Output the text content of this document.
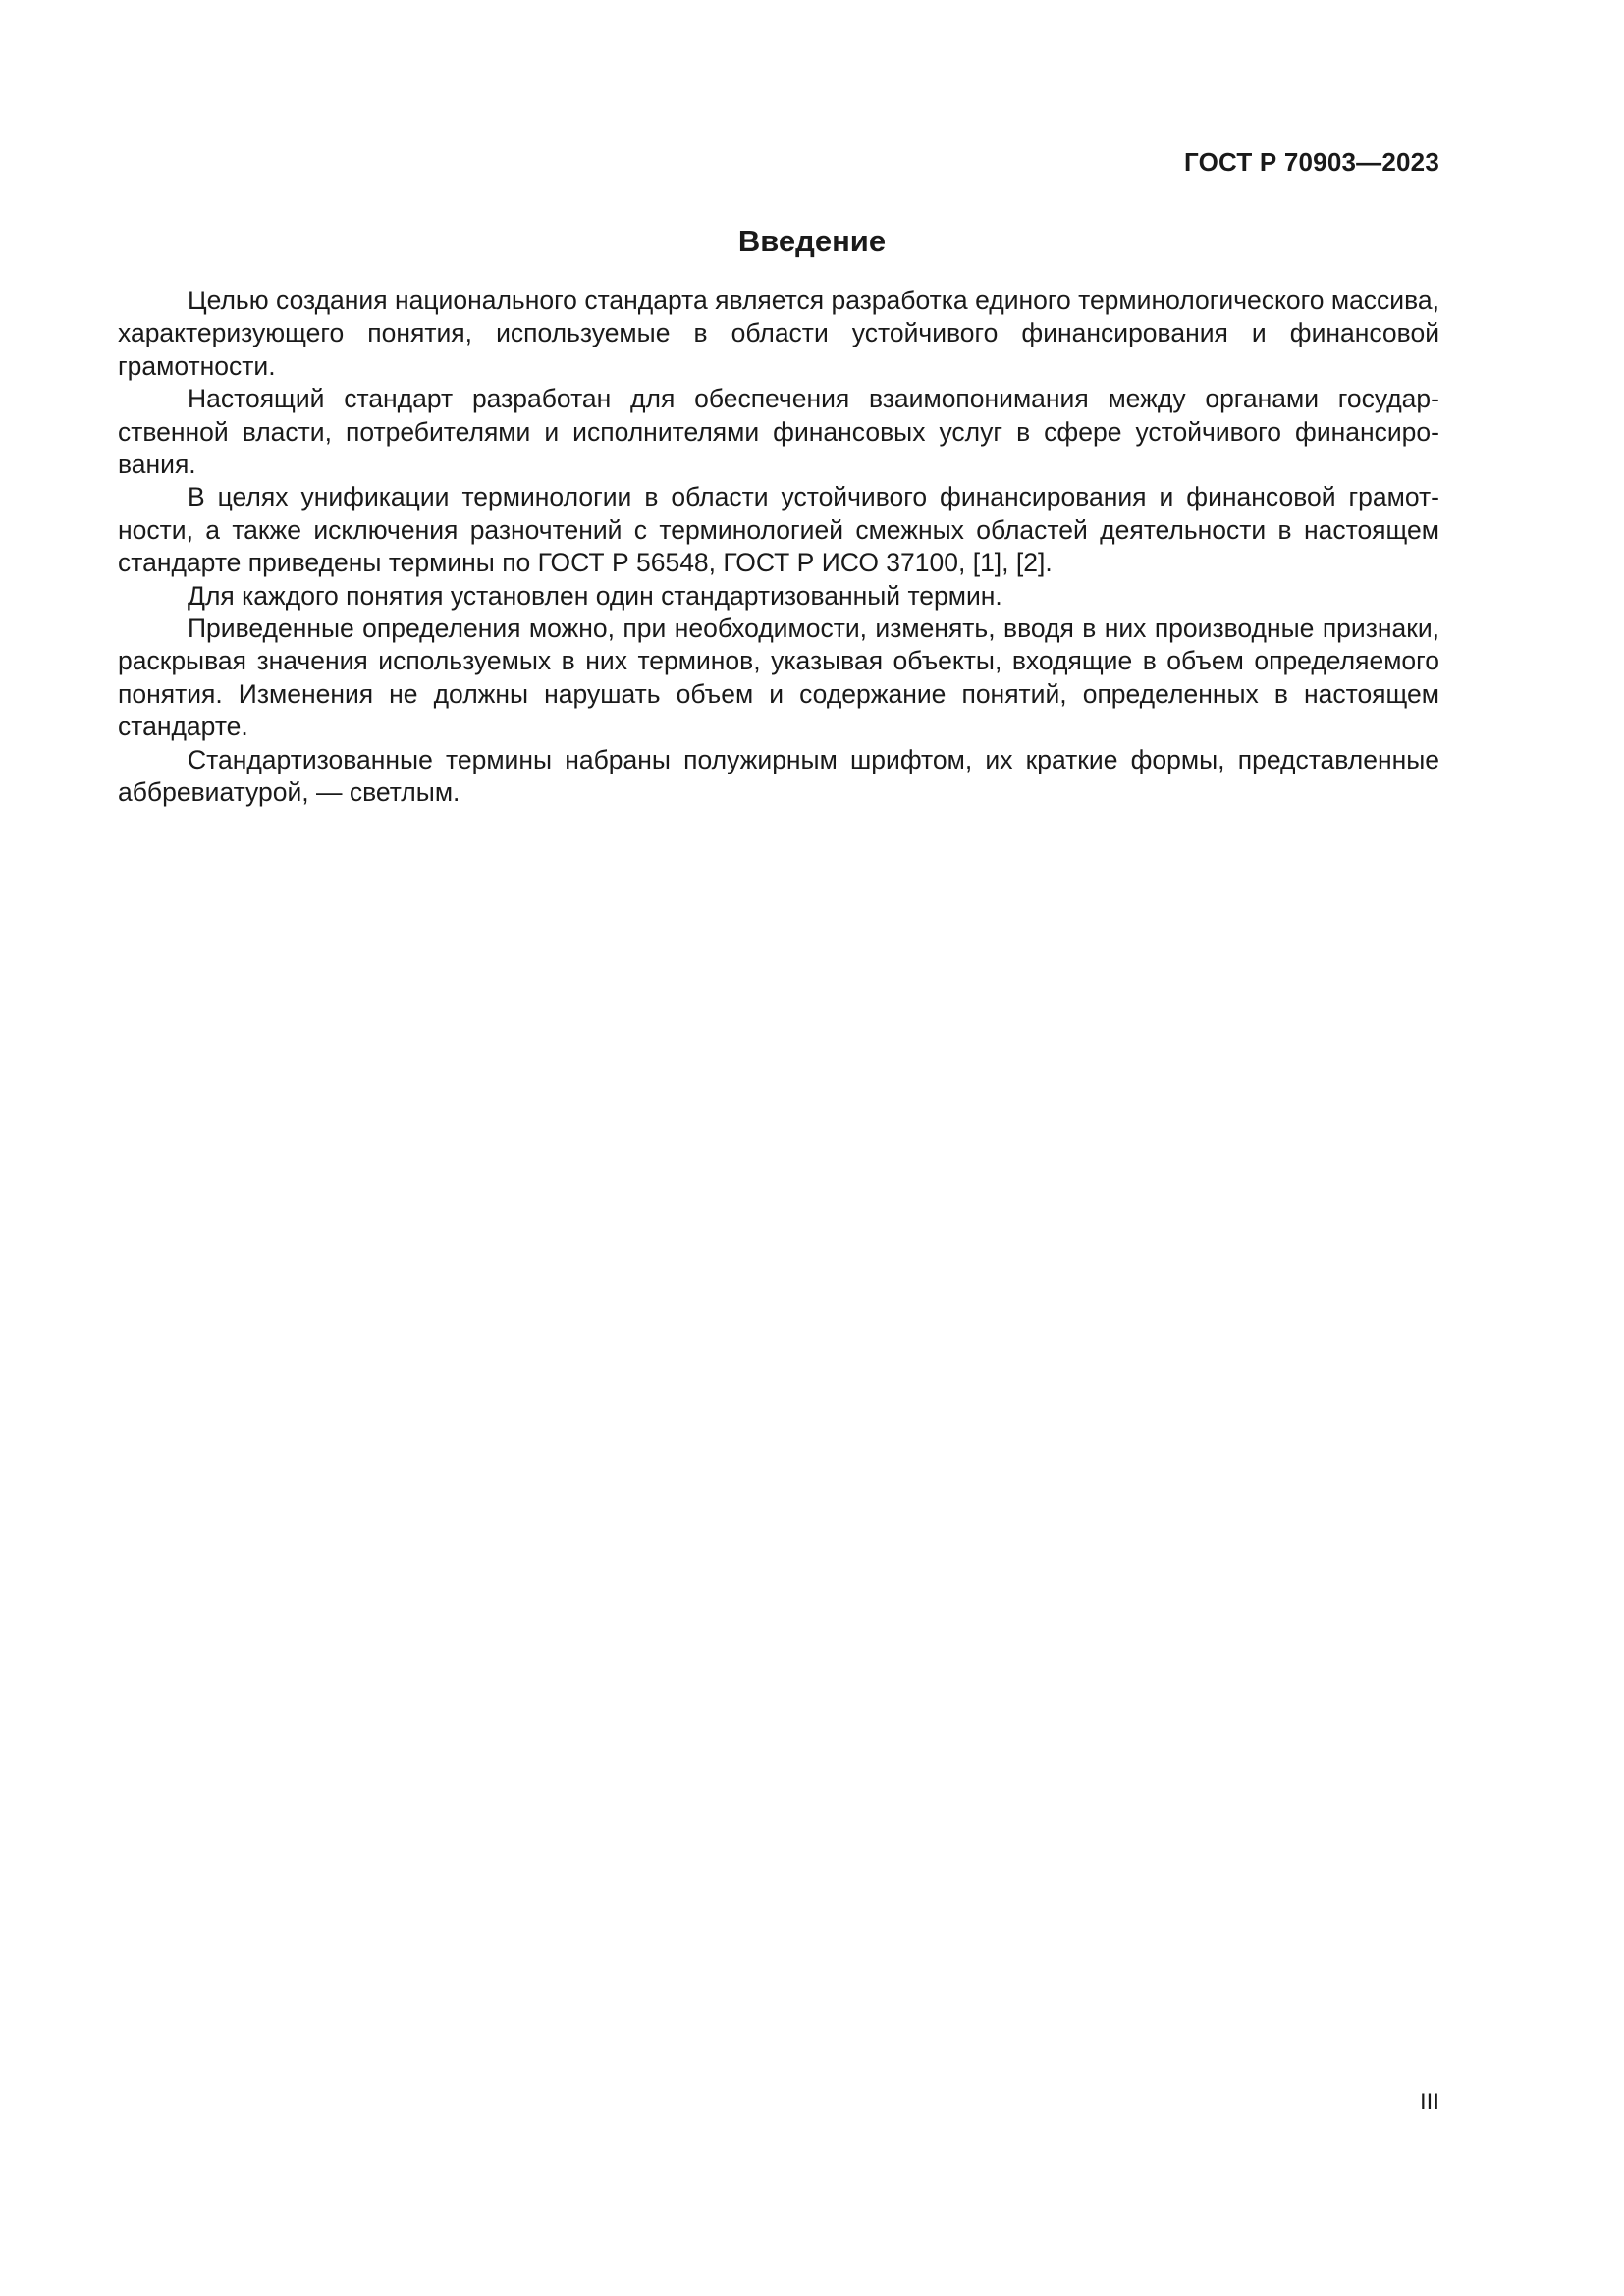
ГОСТ Р 70903—2023
Введение

Целью создания национального стандарта является разработка единого терминологического массива, характеризующего понятия, используемые в области устойчивого финансирования и финансовой грамотности.

Настоящий стандарт разработан для обеспечения взаимопонимания между органами государственной власти, потребителями и исполнителями финансовых услуг в сфере устойчивого финансирования.

В целях унификации терминологии в области устойчивого финансирования и финансовой грамотности, а также исключения разночтений с терминологией смежных областей деятельности в настоящем стандарте приведены термины по ГОСТ Р 56548, ГОСТ Р ИСО 37100, [1], [2].

Для каждого понятия установлен один стандартизованный термин.

Приведенные определения можно, при необходимости, изменять, вводя в них производные признаки, раскрывая значения используемых в них терминов, указывая объекты, входящие в объем определяемого понятия. Изменения не должны нарушать объем и содержание понятий, определенных в настоящем стандарте.

Стандартизованные термины набраны полужирным шрифтом, их краткие формы, представленные аббревиатурой, — светлым.

III
